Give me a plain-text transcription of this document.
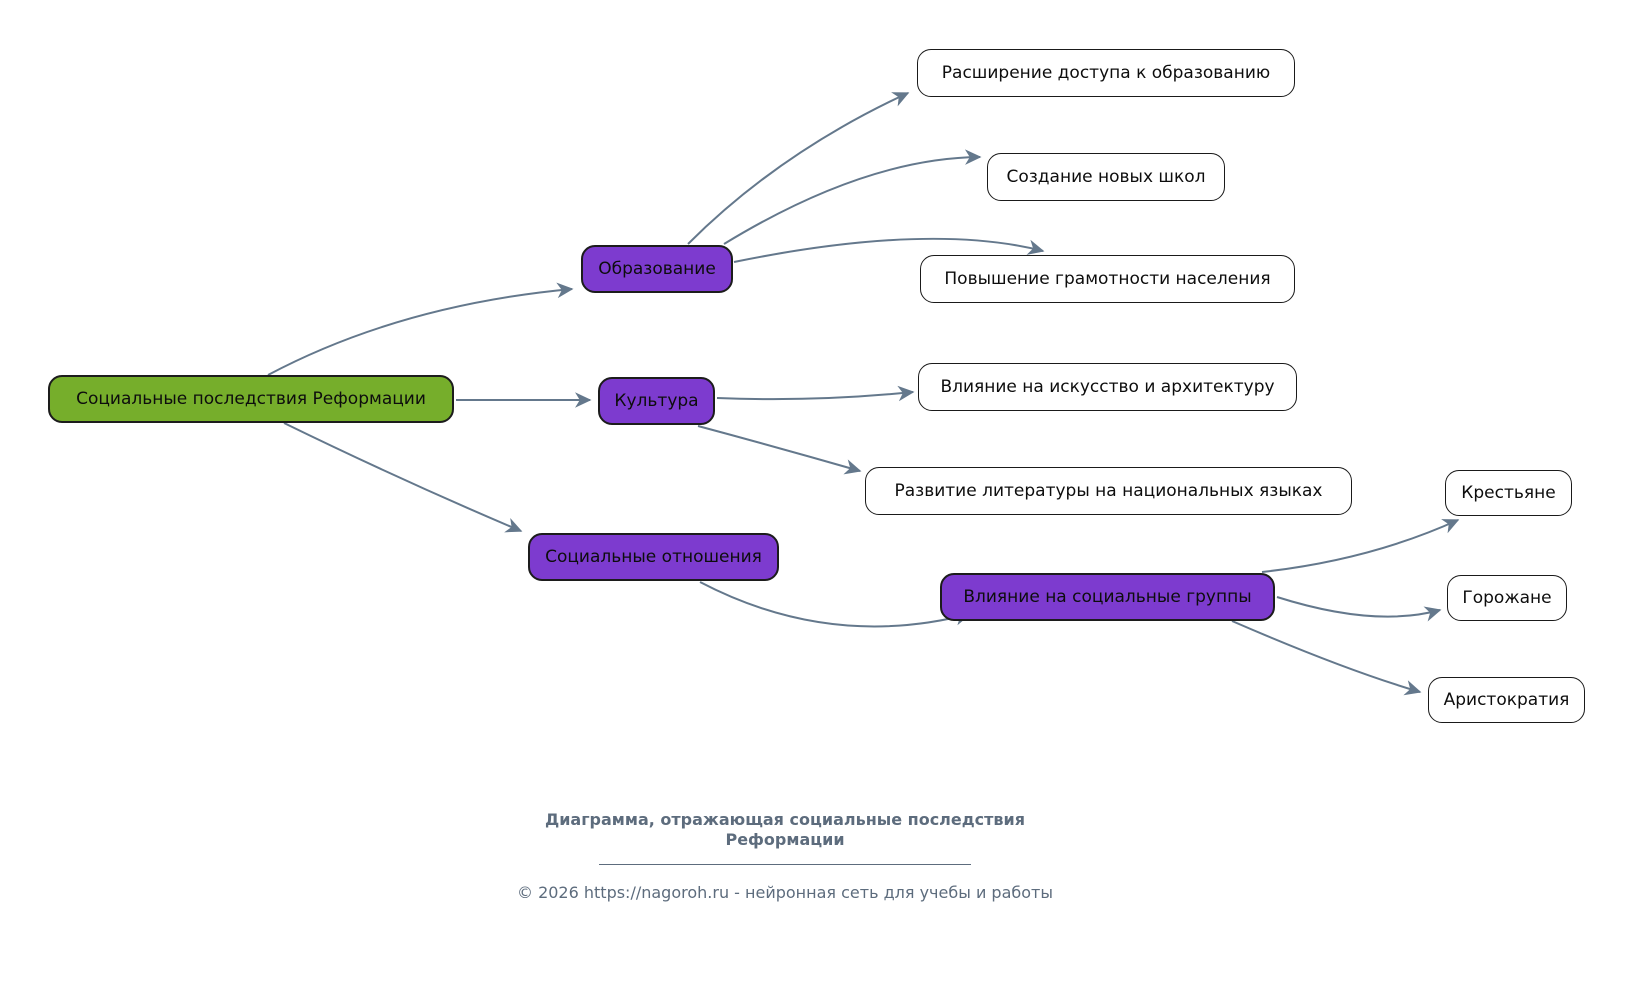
Социальные последствия Реформации
Образование
Культура
Социальные отношения
Влияние на социальные группы
Расширение доступа к образованию
Создание новых школ
Повышение грамотности населения
Влияние на искусство и архитектуру
Развитие литературы на национальных языках	Крестьяне
Горожане
Аристократия
Диаграмма, отражающая социальные последствия
Реформации
© 2026 https://nagoroh.ru - нейронная сеть для учебы и работы
